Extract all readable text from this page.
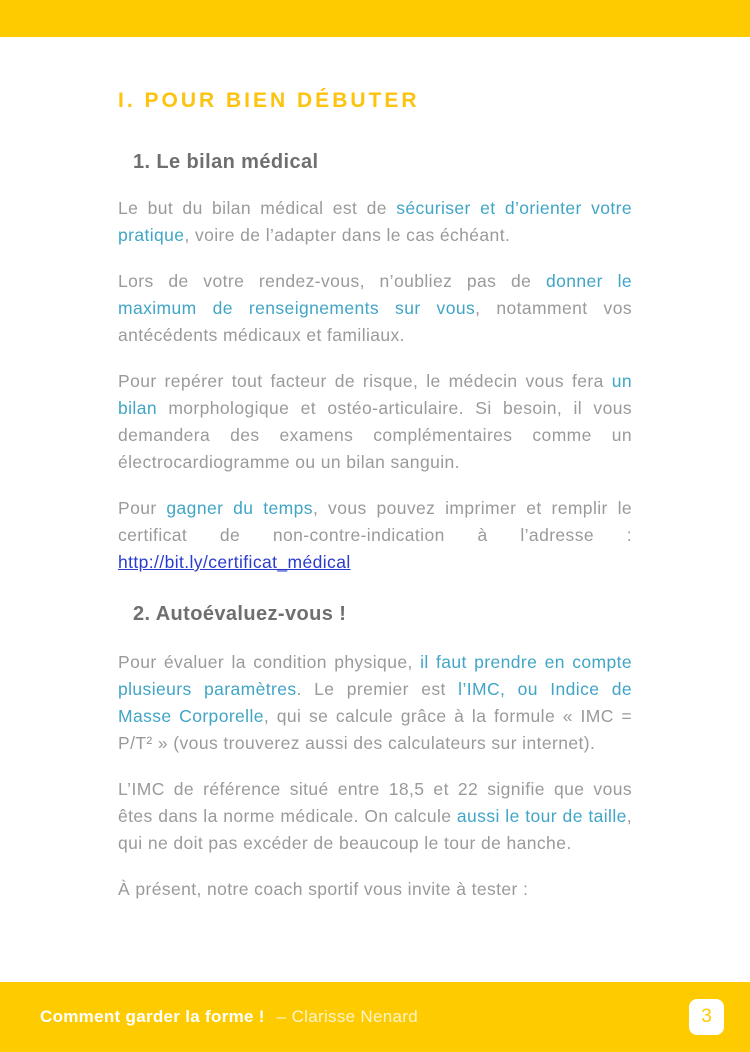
I. POUR BIEN DÉBUTER
1. Le bilan médical

Le but du bilan médical est de sécuriser et d’orienter votre pratique, voire de l’adapter dans le cas échéant.

Lors de votre rendez-vous, n’oubliez pas de donner le maximum de renseignements sur vous, notamment vos antécédents médicaux et familiaux.

Pour repérer tout facteur de risque, le médecin vous fera un bilan morphologique et ostéo-articulaire. Si besoin, il vous demandera des examens complémentaires comme un électrocardiogramme ou un bilan sanguin.

Pour gagner du temps, vous pouvez imprimer et remplir le certificat de non-contre-indication à l’adresse : http://bit.ly/certificat_médical

2. Autoévaluez-vous !

Pour évaluer la condition physique, il faut prendre en compte plusieurs paramètres. Le premier est l’IMC, ou Indice de Masse Corporelle, qui se calcule grâce à la formule « IMC = P/T² » (vous trouverez aussi des calculateurs sur internet).

L’IMC de référence situé entre 18,5 et 22 signifie que vous êtes dans la norme médicale. On calcule aussi le tour de taille, qui ne doit pas excéder de beaucoup le tour de hanche.

À présent, notre coach sportif vous invite à tester :

Comment garder la forme ! – Clarisse Nenard	3
